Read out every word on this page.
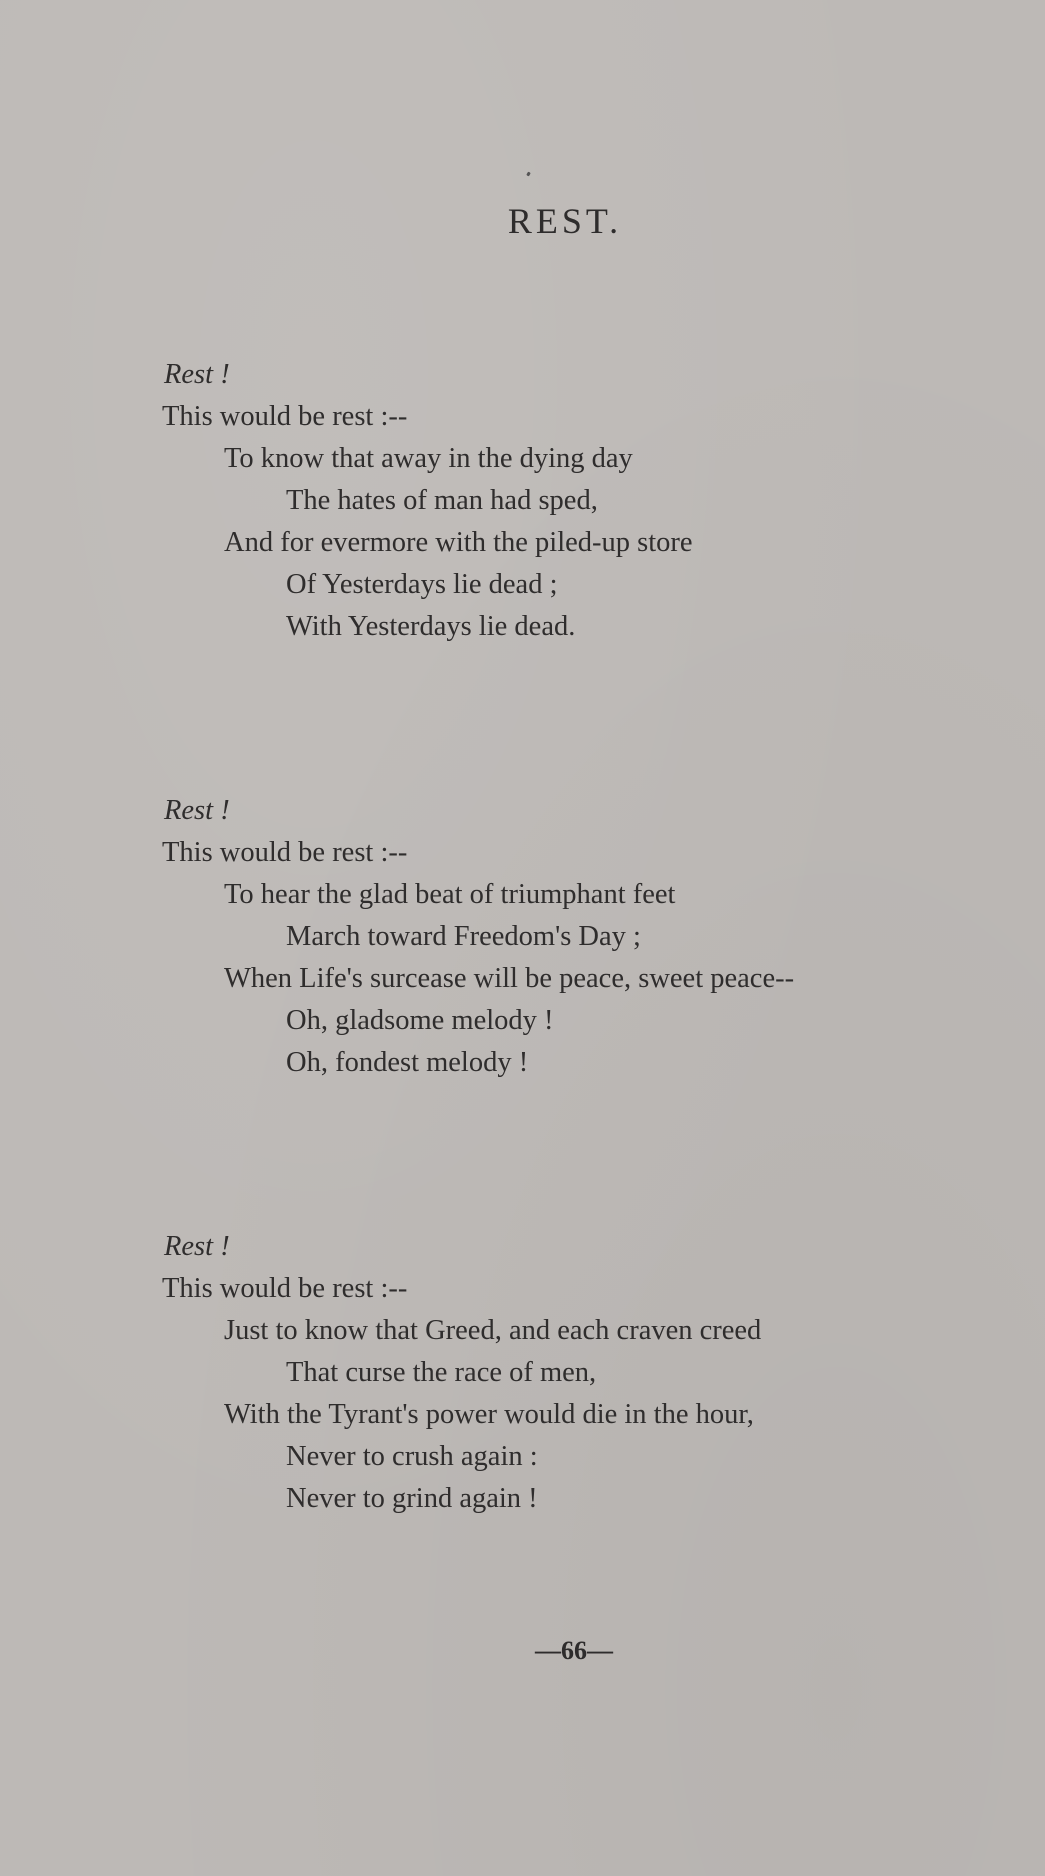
REST.
Rest !
This would be rest :--
To know that away in the dying day
The hates of man had sped,
And for evermore with the piled-up store
Of Yesterdays lie dead ;
With Yesterdays lie dead.
Rest !
This would be rest :--
To hear the glad beat of triumphant feet
March toward Freedom's Day ;
When Life's surcease will be peace, sweet peace--
Oh, gladsome melody !
Oh, fondest melody !
Rest !
This would be rest :--
Just to know that Greed, and each craven creed
That curse the race of men,
With the Tyrant's power would die in the hour,
Never to crush again :
Never to grind again !
—66—
